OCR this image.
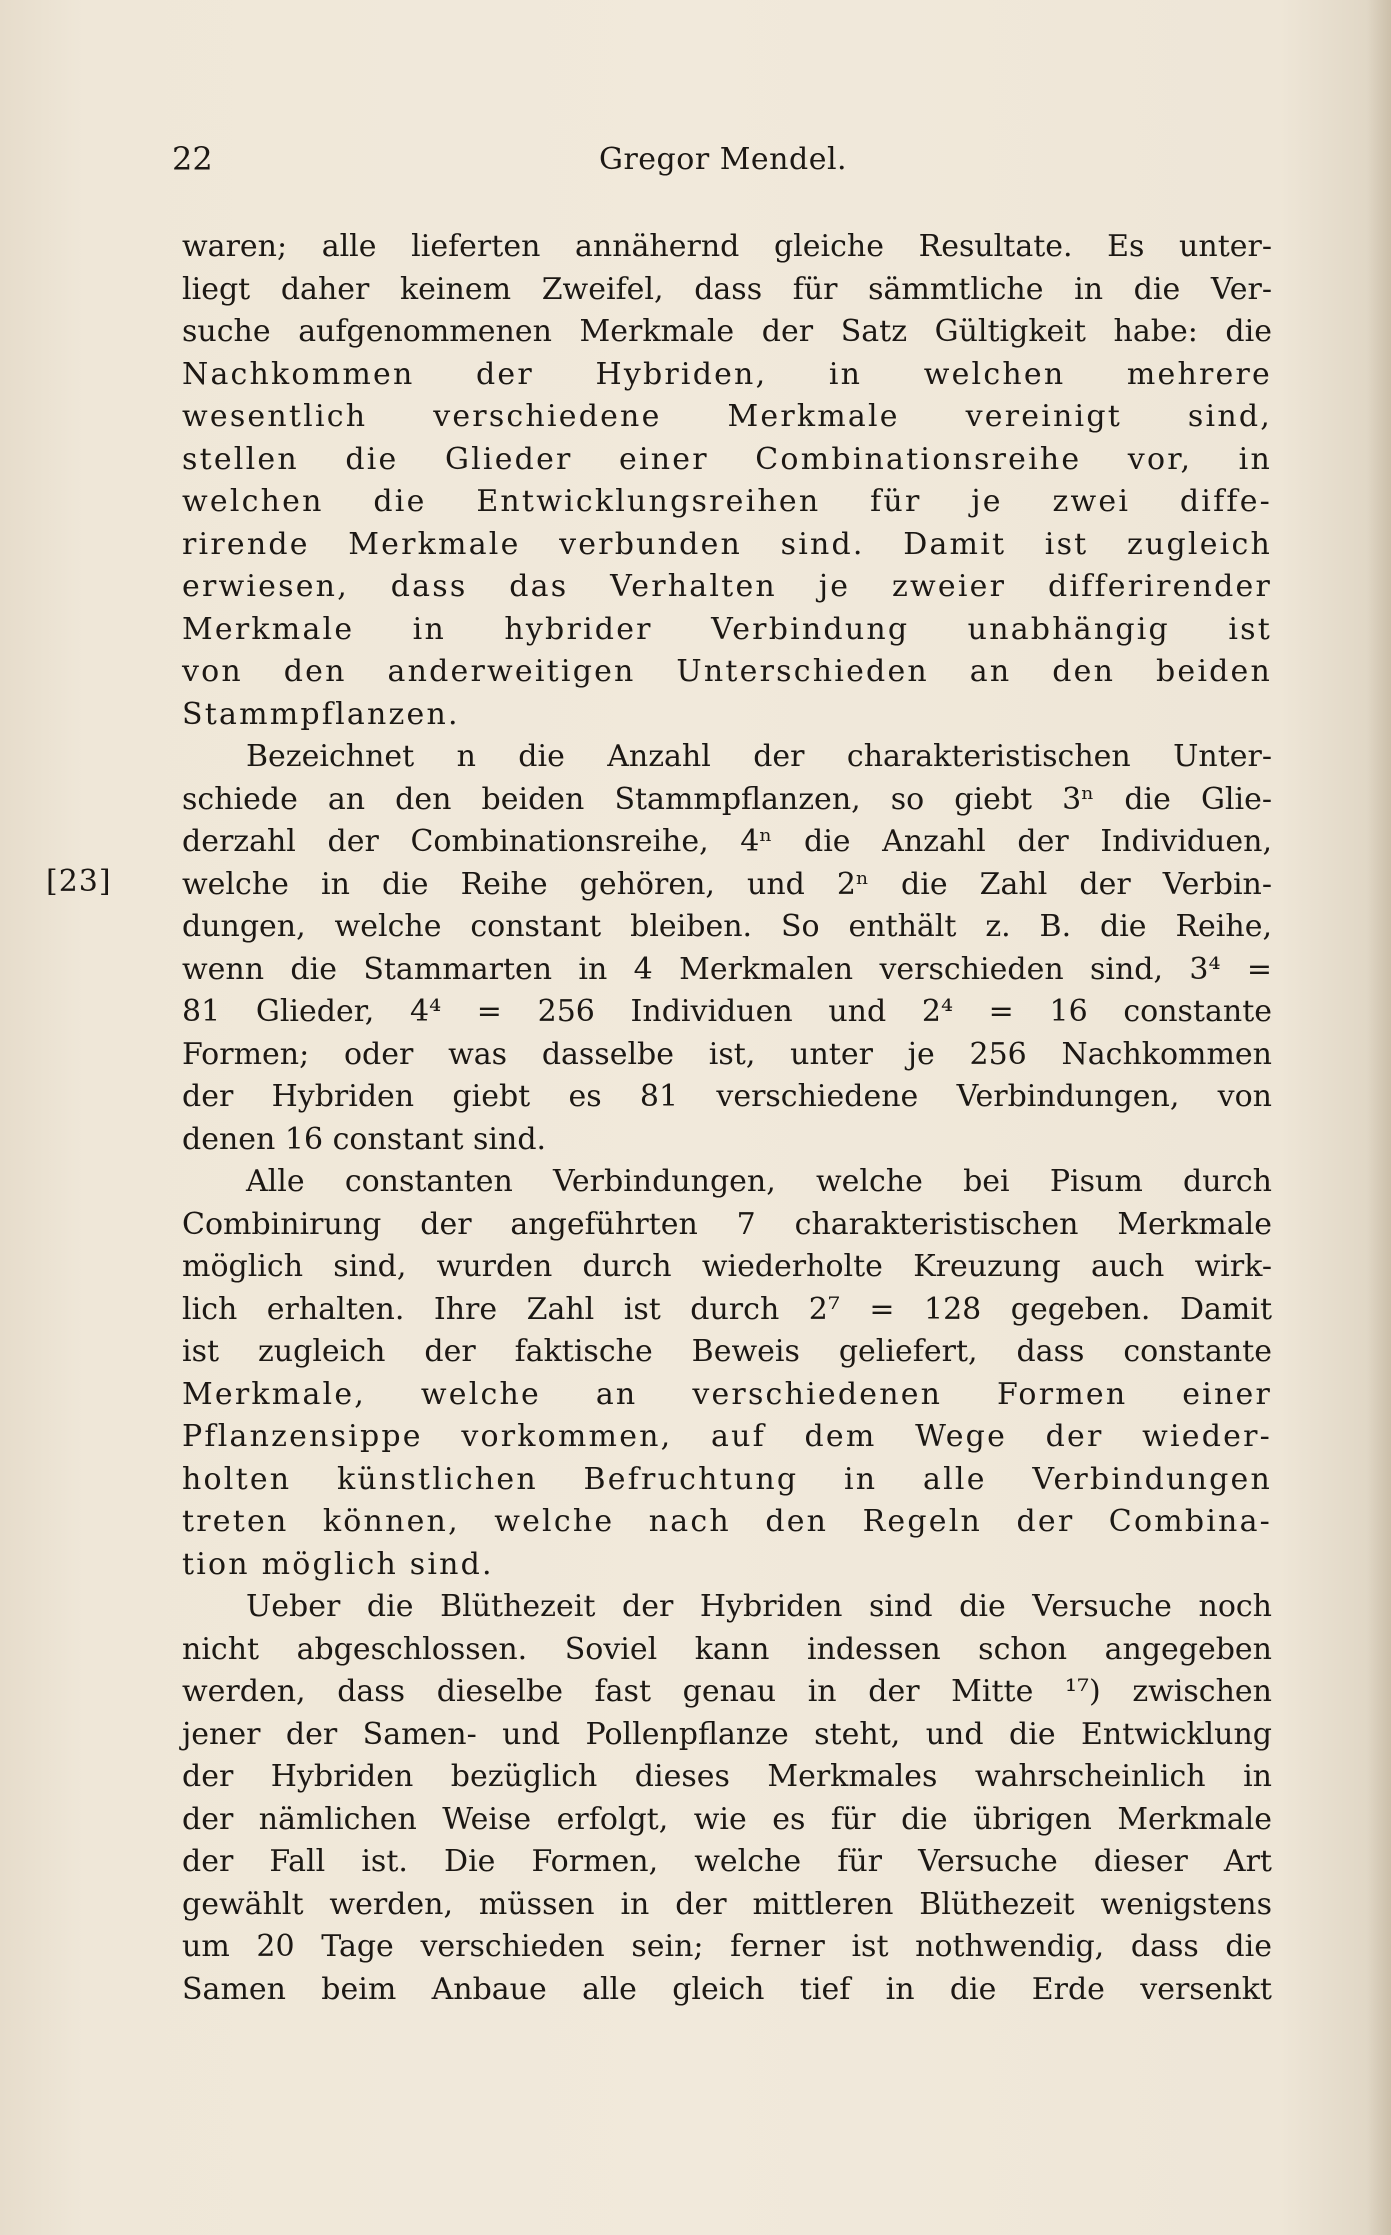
22	Gregor Mendel.
[23]
waren; alle lieferten annähernd gleiche Resultate. Es unter-
liegt daher keinem Zweifel, dass für sämmtliche in die Ver-
suche aufgenommenen Merkmale der Satz Gültigkeit habe: die
Nachkommen der Hybriden, in welchen mehrere
wesentlich verschiedene Merkmale vereinigt sind,
stellen die Glieder einer Combinationsreihe vor, in
welchen die Entwicklungsreihen für je zwei diffe-
rirende Merkmale verbunden sind. Damit ist zugleich
erwiesen, dass das Verhalten je zweier differirender
Merkmale in hybrider Verbindung unabhängig ist
von den anderweitigen Unterschieden an den beiden
Stammpflanzen.
Bezeichnet n die Anzahl der charakteristischen Unter-
schiede an den beiden Stammpflanzen, so giebt 3ⁿ die Glie-
derzahl der Combinationsreihe, 4ⁿ die Anzahl der Individuen,
welche in die Reihe gehören, und 2ⁿ die Zahl der Verbin-
dungen, welche constant bleiben. So enthält z. B. die Reihe,
wenn die Stammarten in 4 Merkmalen verschieden sind, 3⁴ =
81 Glieder, 4⁴ = 256 Individuen und 2⁴ = 16 constante
Formen; oder was dasselbe ist, unter je 256 Nachkommen
der Hybriden giebt es 81 verschiedene Verbindungen, von
denen 16 constant sind.
Alle constanten Verbindungen, welche bei Pisum durch
Combinirung der angeführten 7 charakteristischen Merkmale
möglich sind, wurden durch wiederholte Kreuzung auch wirk-
lich erhalten. Ihre Zahl ist durch 2⁷ = 128 gegeben. Damit
ist zugleich der faktische Beweis geliefert, dass constante
Merkmale, welche an verschiedenen Formen einer
Pflanzensippe vorkommen, auf dem Wege der wieder-
holten künstlichen Befruchtung in alle Verbindungen
treten können, welche nach den Regeln der Combina-
tion möglich sind.
Ueber die Blüthezeit der Hybriden sind die Versuche noch
nicht abgeschlossen. Soviel kann indessen schon angegeben
werden, dass dieselbe fast genau in der Mitte ¹⁷) zwischen
jener der Samen- und Pollenpflanze steht, und die Entwicklung
der Hybriden bezüglich dieses Merkmales wahrscheinlich in
der nämlichen Weise erfolgt, wie es für die übrigen Merkmale
der Fall ist. Die Formen, welche für Versuche dieser Art
gewählt werden, müssen in der mittleren Blüthezeit wenigstens
um 20 Tage verschieden sein; ferner ist nothwendig, dass die
Samen beim Anbaue alle gleich tief in die Erde versenkt
